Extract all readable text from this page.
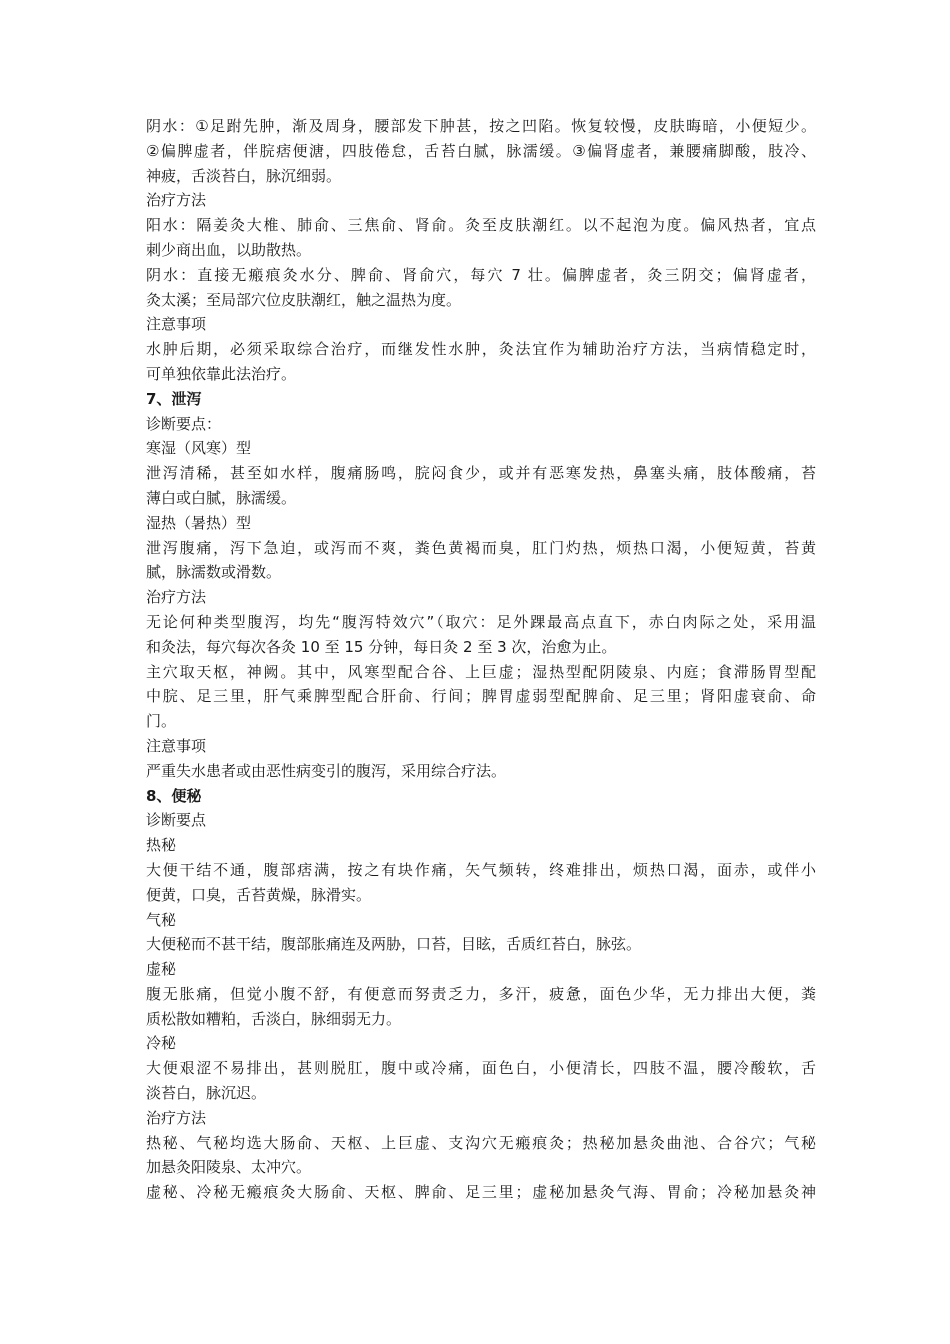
阴水：①足跗先肿，渐及周身，腰部发下肿甚，按之凹陷。恢复较慢，皮肤晦暗，小便短少。

②偏脾虚者，伴脘痞便溏，四肢倦怠，舌苔白腻，脉濡缓。③偏肾虚者，兼腰痛脚酸，肢冷、

神疲，舌淡苔白，脉沉细弱。

治疗方法

阳水：隔姜灸大椎、肺俞、三焦俞、肾俞。灸至皮肤潮红。以不起泡为度。偏风热者，宜点

刺少商出血，以助散热。

阴水：直接无瘢痕灸水分、脾俞、肾俞穴，每穴 7 壮。偏脾虚者，灸三阴交；偏肾虚者，

灸太溪；至局部穴位皮肤潮红，触之温热为度。

注意事项

水肿后期，必须采取综合治疗，而继发性水肿，灸法宜作为辅助治疗方法，当病情稳定时，

可单独依靠此法治疗。

7、泄泻

诊断要点：

寒湿（风寒）型

泄泻清稀，甚至如水样，腹痛肠鸣，脘闷食少，或并有恶寒发热，鼻塞头痛，肢体酸痛，苔

薄白或白腻，脉濡缓。

湿热（暑热）型

泄泻腹痛，泻下急迫，或泻而不爽，粪色黄褐而臭，肛门灼热，烦热口渴，小便短黄，苔黄

腻，脉濡数或滑数。

治疗方法

无论何种类型腹泻，均先“腹泻特效穴”（取穴：足外踝最高点直下，赤白肉际之处，采用温

和灸法，每穴每次各灸 10 至 15 分钟，每日灸 2 至 3 次，治愈为止。

主穴取天枢，神阙。其中，风寒型配合谷、上巨虚；湿热型配阴陵泉、内庭；食滞肠胃型配

中脘、足三里，肝气乘脾型配合肝俞、行间；脾胃虚弱型配脾俞、足三里；肾阳虚衰俞、命

门。

注意事项

严重失水患者或由恶性病变引的腹泻，采用综合疗法。

8、便秘

诊断要点

热秘

大便干结不通，腹部痞满，按之有块作痛，矢气频转，终难排出，烦热口渴，面赤，或伴小

便黄，口臭，舌苔黄燥，脉滑实。

气秘

大便秘而不甚干结，腹部胀痛连及两胁，口苔，目眩，舌质红苔白，脉弦。

虚秘

腹无胀痛，但觉小腹不舒，有便意而努责乏力，多汗，疲惫，面色少华，无力排出大便，粪

质松散如糟粕，舌淡白，脉细弱无力。

冷秘

大便艰涩不易排出，甚则脱肛，腹中或冷痛，面色白，小便清长，四肢不温，腰冷酸软，舌

淡苔白，脉沉迟。

治疗方法

热秘、气秘均选大肠俞、天枢、上巨虚、支沟穴无瘢痕灸；热秘加悬灸曲池、合谷穴；气秘

加悬灸阳陵泉、太冲穴。

虚秘、冷秘无瘢痕灸大肠俞、天枢、脾俞、足三里；虚秘加悬灸气海、胃俞；冷秘加悬灸神
